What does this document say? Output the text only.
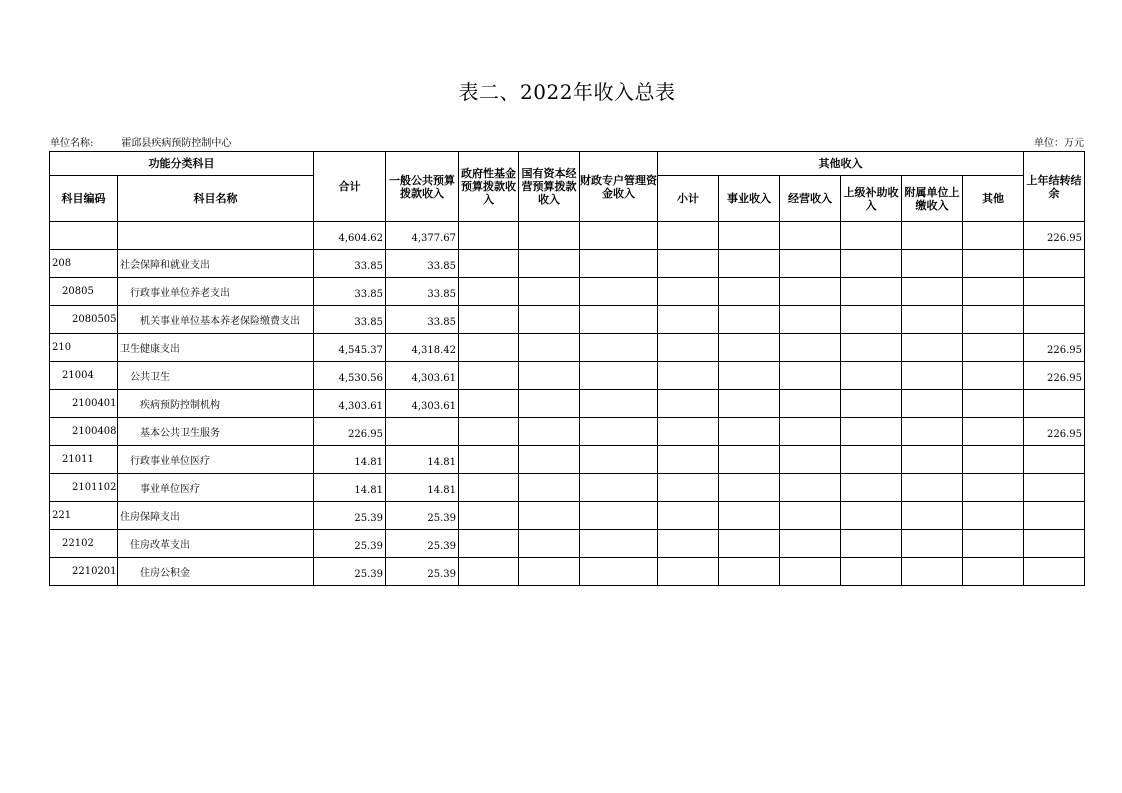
表二、2022年收入总表
单位名称:	霍邱县疾病预防控制中心	单位：万元
功能分类科目		合计	一般公共预算拨款收入	政府性基金预算拨款收入	国有资本经营预算拨款收入	财政专户管理资金收入	其他收入						上年结转结余
科目编码	科目名称						小计	事业收入	经营收入	上级补助收入	附属单位上缴收入	其他	
		4,604.62	4,377.67										226.95
208	社会保障和就业支出	33.85	33.85										
20805	行政事业单位养老支出	33.85	33.85										
2080505	机关事业单位基本养老保险缴费支出	33.85	33.85										
210	卫生健康支出	4,545.37	4,318.42										226.95
21004	公共卫生	4,530.56	4,303.61										226.95
2100401	疾病预防控制机构	4,303.61	4,303.61										
2100408	基本公共卫生服务	226.95											226.95
21011	行政事业单位医疗	14.81	14.81										
2101102	事业单位医疗	14.81	14.81										
221	住房保障支出	25.39	25.39										
22102	住房改革支出	25.39	25.39										
2210201	住房公积金	25.39	25.39										
